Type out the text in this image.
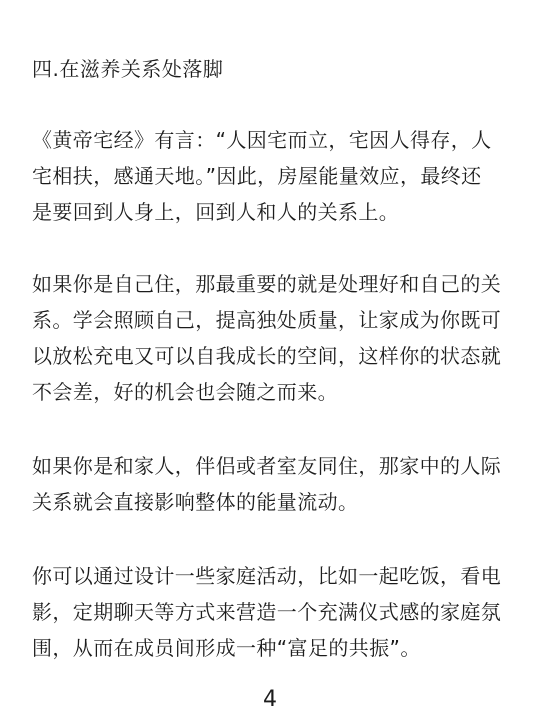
四.在滋养关系处落脚
《黄帝宅经》有言：“人因宅而立，宅因人得存，人
宅相扶，感通天地。”因此，房屋能量效应，最终还
是要回到人身上，回到人和人的关系上。
如果你是自己住，那最重要的就是处理好和自己的关
系。学会照顾自己，提高独处质量，让家成为你既可
以放松充电又可以自我成长的空间，这样你的状态就
不会差，好的机会也会随之而来。
如果你是和家人，伴侣或者室友同住，那家中的人际
关系就会直接影响整体的能量流动。
你可以通过设计一些家庭活动，比如一起吃饭，看电
影，定期聊天等方式来营造一个充满仪式感的家庭氛
围，从而在成员间形成一种“富足的共振”。
4
